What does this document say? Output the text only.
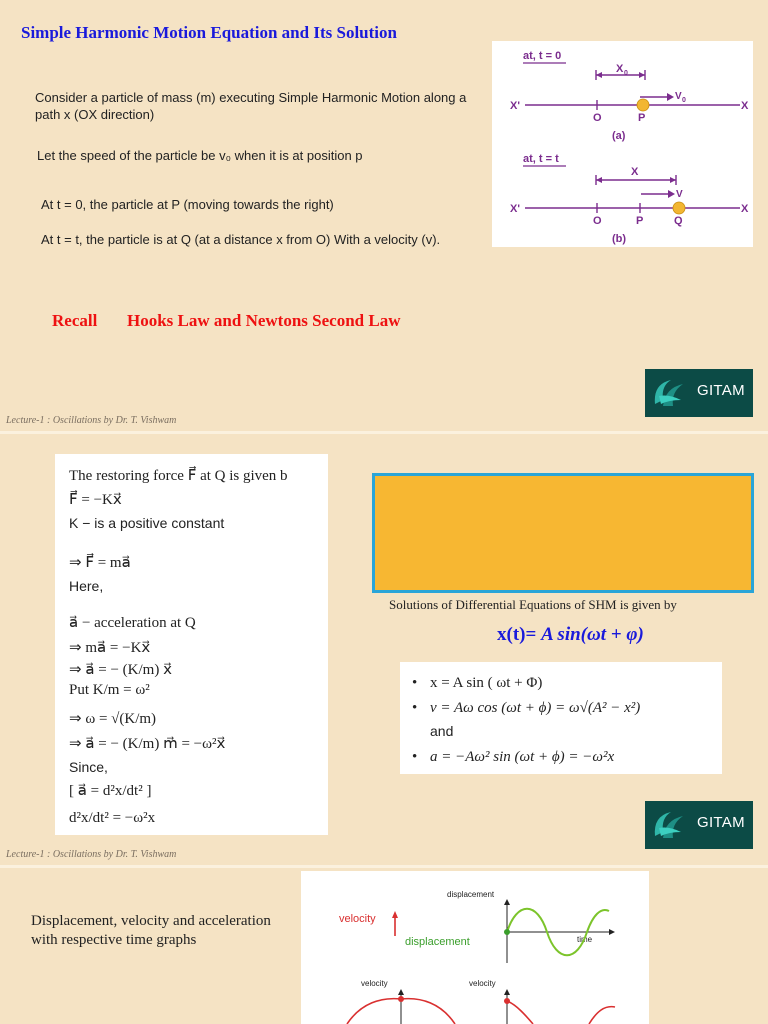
Simple Harmonic Motion Equation and Its Solution
Consider a particle of mass (m) executing Simple Harmonic Motion along a
path x (OX direction)
Let the speed of the particle be v₀ when it is at position p
At t = 0, the particle at P (moving towards the right)
At t = t, the particle is at Q (at a distance x from O) With a velocity (v).
Recall Hooks Law and Newtons Second Law
at, t = 0
X 0
V 0
X'	X
O	P
(a)
at, t = t
X
V
X'	X
O	P	Q
(b)
GITAM
Lecture-1 : Oscillations by Dr. T. Vishwam
The restoring force F⃗ at Q is given b
F⃗ = −Kx⃗
K − is a positive constant
⇒ F⃗ = ma⃗
Here,
a⃗ − acceleration at Q
⇒ ma⃗ = −Kx⃗
⇒ a⃗ = − (K/m) x⃗
Put K/m = ω²
⇒ ω = √(K/m)
⇒ a⃗ = − (K/m) m⃗ = −ω²x⃗
Since,
[ a⃗ = d²x/dt² ]
d²x/dt² = −ω²x
Solutions of Differential Equations of SHM is given by
x(t)= A sin(ωt + φ)
• x = A sin ( ωt + Φ)
• v = Aω cos (ωt + ϕ) = ω√(A² − x²)
and
• a = −Aω² sin (ωt + ϕ) = −ω²x
GITAM
Lecture-1 : Oscillations by Dr. T. Vishwam
Displacement, velocity and acceleration
with respective time graphs
displacement
time
velocity
displacement
velocity	velocity
